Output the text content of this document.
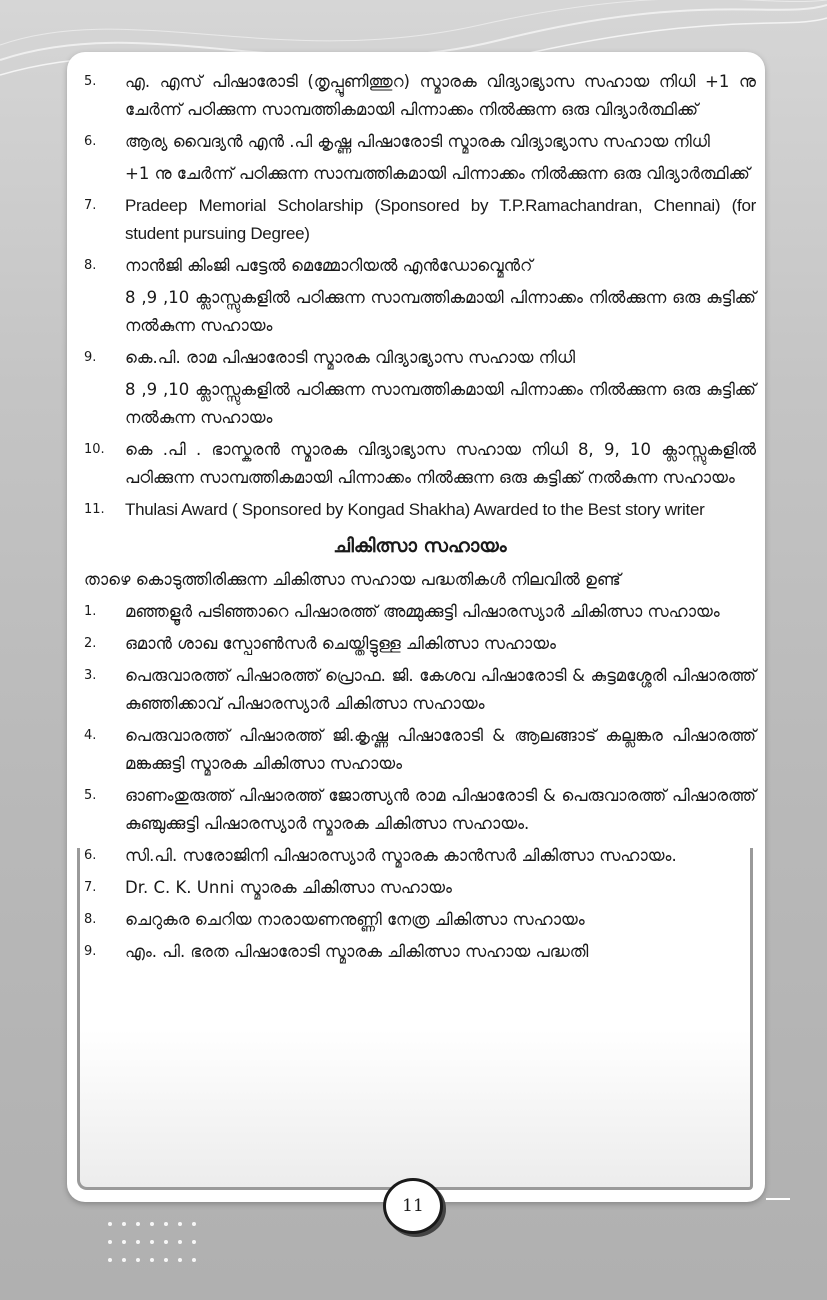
5.	എ. എസ് പിഷാരോടി (തൃപ്പൂണിത്തുറ) സ്മാരക വിദ്യാഭ്യാസ സഹായ നിധി +1 നു ചേർന്ന് പഠിക്കുന്ന സാമ്പത്തികമായി പിന്നാക്കം നിൽക്കുന്ന ഒരു വിദ്യാർത്ഥിക്ക്

6.	ആര്യ വൈദ്യൻ എൻ .പി കൃഷ്ണ പിഷാരോടി സ്മാരക വിദ്യാഭ്യാസ സഹായ നിധി

+1 നു ചേർന്ന് പഠിക്കുന്ന സാമ്പത്തികമായി പിന്നാക്കം നിൽക്കുന്ന ഒരു വിദ്യാർത്ഥിക്ക്

7.	Pradeep Memorial Scholarship (Sponsored by T.P.Ramachandran, Chennai) (for student pursuing Degree)

8.	നാൻജി കിംജി പട്ടേൽ മെമ്മോറിയൽ എൻഡോവ്മെൻറ്

8 ,9 ,10 ക്ലാസ്സുകളിൽ പഠിക്കുന്ന സാമ്പത്തികമായി പിന്നാക്കം നിൽക്കുന്ന ഒരു കുട്ടിക്ക് നൽകുന്ന സഹായം

9.	കെ.പി. രാമ പിഷാരോടി സ്മാരക വിദ്യാഭ്യാസ സഹായ നിധി

8 ,9 ,10 ക്ലാസ്സുകളിൽ പഠിക്കുന്ന സാമ്പത്തികമായി പിന്നാക്കം നിൽക്കുന്ന ഒരു കുട്ടിക്ക് നൽകുന്ന സഹായം

10.	കെ .പി . ഭാസ്കരൻ സ്മാരക വിദ്യാഭ്യാസ സഹായ നിധി 8, 9, 10 ക്ലാസ്സുകളിൽ പഠിക്കുന്ന സാമ്പത്തികമായി പിന്നാക്കം നിൽക്കുന്ന ഒരു കുട്ടിക്ക് നൽകുന്ന സഹായം

11.	Thulasi Award ( Sponsored by Kongad Shakha) Awarded to the Best story writer

ചികിത്സാ സഹായം
താഴെ കൊടുത്തിരിക്കുന്ന ചികിത്സാ സഹായ പദ്ധതികൾ നിലവിൽ ഉണ്ട്
1.	മഞ്ഞളൂർ പടിഞ്ഞാറെ പിഷാരത്ത് അമ്മുക്കുട്ടി പിഷാരസ്യാർ ചികിത്സാ സഹായം
2.	ഒമാൻ ശാഖ സ്പോൺസർ ചെയ്തിട്ടുള്ള ചികിത്സാ സഹായം
3.	പെരുവാരത്ത് പിഷാരത്ത് പ്രൊഫ. ജി. കേശവ പിഷാരോടി & കുട്ടമശ്ശേരി പിഷാരത്ത് കുഞ്ഞിക്കാവ് പിഷാരസ്യാർ ചികിത്സാ സഹായം
4.	പെരുവാരത്ത് പിഷാരത്ത് ജി.കൃഷ്ണ പിഷാരോടി & ആലങ്ങാട് കല്ലങ്കര പിഷാരത്ത് മങ്കക്കുട്ടി സ്മാരക ചികിത്സാ സഹായം
5.	ഓണംതുരുത്ത് പിഷാരത്ത് ജോത്സ്യൻ രാമ പിഷാരോടി & പെരുവാരത്ത് പിഷാരത്ത് കുഞ്ചുക്കുട്ടി പിഷാരസ്യാർ സ്മാരക ചികിത്സാ സഹായം.
6.	സി.പി. സരോജിനി പിഷാരസ്യാർ സ്മാരക കാൻസർ ചികിത്സാ സഹായം.
7.	Dr. C. K. Unni സ്മാരക ചികിത്സാ സഹായം
8.	ചെറുകര ചെറിയ നാരായണനുണ്ണി നേത്ര ചികിത്സാ സഹായം
9.	എം. പി. ഭരത പിഷാരോടി സ്മാരക ചികിത്സാ സഹായ പദ്ധതി
11
